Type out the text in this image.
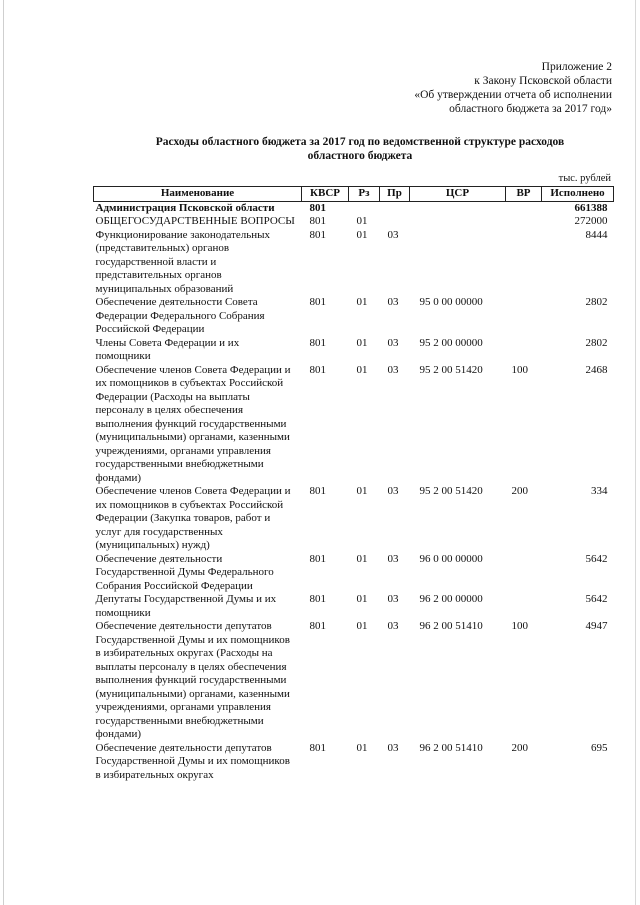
Приложение 2
к Закону Псковской области
«Об утверждении отчета об исполнении
областного бюджета за 2017 год»
Расходы областного бюджета за 2017 год по ведомственной структуре расходов
областного бюджета
тыс. рублей
Наименование	КВСР	Рз	Пр	ЦСР	ВР	Исполнено
Администрация Псковской области	801					661388
ОБЩЕГОСУДАРСТВЕННЫЕ ВОПРОСЫ	801	01				272000
Функционирование законодательных (представительных) органов государственной власти и представительных органов муниципальных образований	801	01	03			8444
Обеспечение деятельности Совета Федерации Федерального Собрания Российской Федерации	801	01	03	95 0 00 00000		2802
Члены Совета Федерации и их помощники	801	01	03	95 2 00 00000		2802
Обеспечение членов Совета Федерации и их помощников в субъектах Российской Федерации (Расходы на выплаты персоналу в целях обеспечения выполнения функций государственными (муниципальными) органами, казенными учреждениями, органами управления государственными внебюджетными фондами)	801	01	03	95 2 00 51420	100	2468
Обеспечение членов Совета Федерации и их помощников в субъектах Российской Федерации (Закупка товаров, работ и услуг для государственных (муниципальных) нужд)	801	01	03	95 2 00 51420	200	334
Обеспечение деятельности Государственной Думы Федерального Собрания Российской Федерации	801	01	03	96 0 00 00000		5642
Депутаты Государственной Думы и их помощники	801	01	03	96 2 00 00000		5642
Обеспечение деятельности депутатов Государственной Думы и их помощников в избирательных округах (Расходы на выплаты персоналу в целях обеспечения выполнения функций государственными (муниципальными) органами, казенными учреждениями, органами управления государственными внебюджетными фондами)	801	01	03	96 2 00 51410	100	4947
Обеспечение деятельности депутатов Государственной Думы и их помощников в избирательных округах	801	01	03	96 2 00 51410	200	695
